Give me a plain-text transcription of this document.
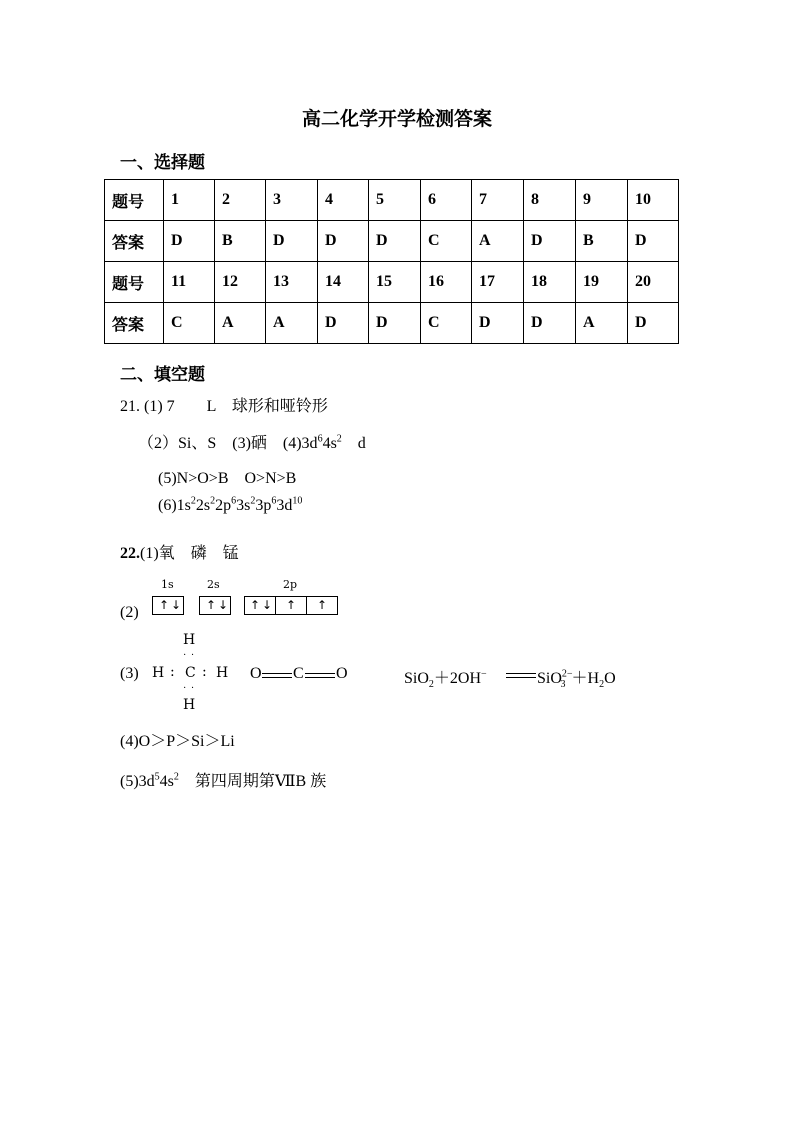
高二化学开学检测答案
一、选择题
题号	1	2	3	4	5	6	7	8	9	10
答案	D	B	D	D	D	C	A	D	B	D
题号	11	12	13	14	15	16	17	18	19	20
答案	C	A	A	D	D	C	D	D	A	D
二、填空题
21. (1) 7　　L　球形和哑铃形
（2）Si、S　(3)硒　$(4)3d^64s^2$　d
(5)N>O>B　O>N>B
$(6)1s^22s^22p^63s^23p^63d^{10}$
22.(1)氧　磷　锰
(2)
1s	2s	2p
↑ ↓ ↑ ↓ ↑ ↓ ↑ ↑
(3)
H
· ·
H : C : H
· ·
H
O C O	SiO$_2$＋2OH−	$SiO^{2-}_3 +H_2O$
(4)O＞P＞Si＞Li
$(5)3d^54s^2$　第四周期第ⅦB 族
